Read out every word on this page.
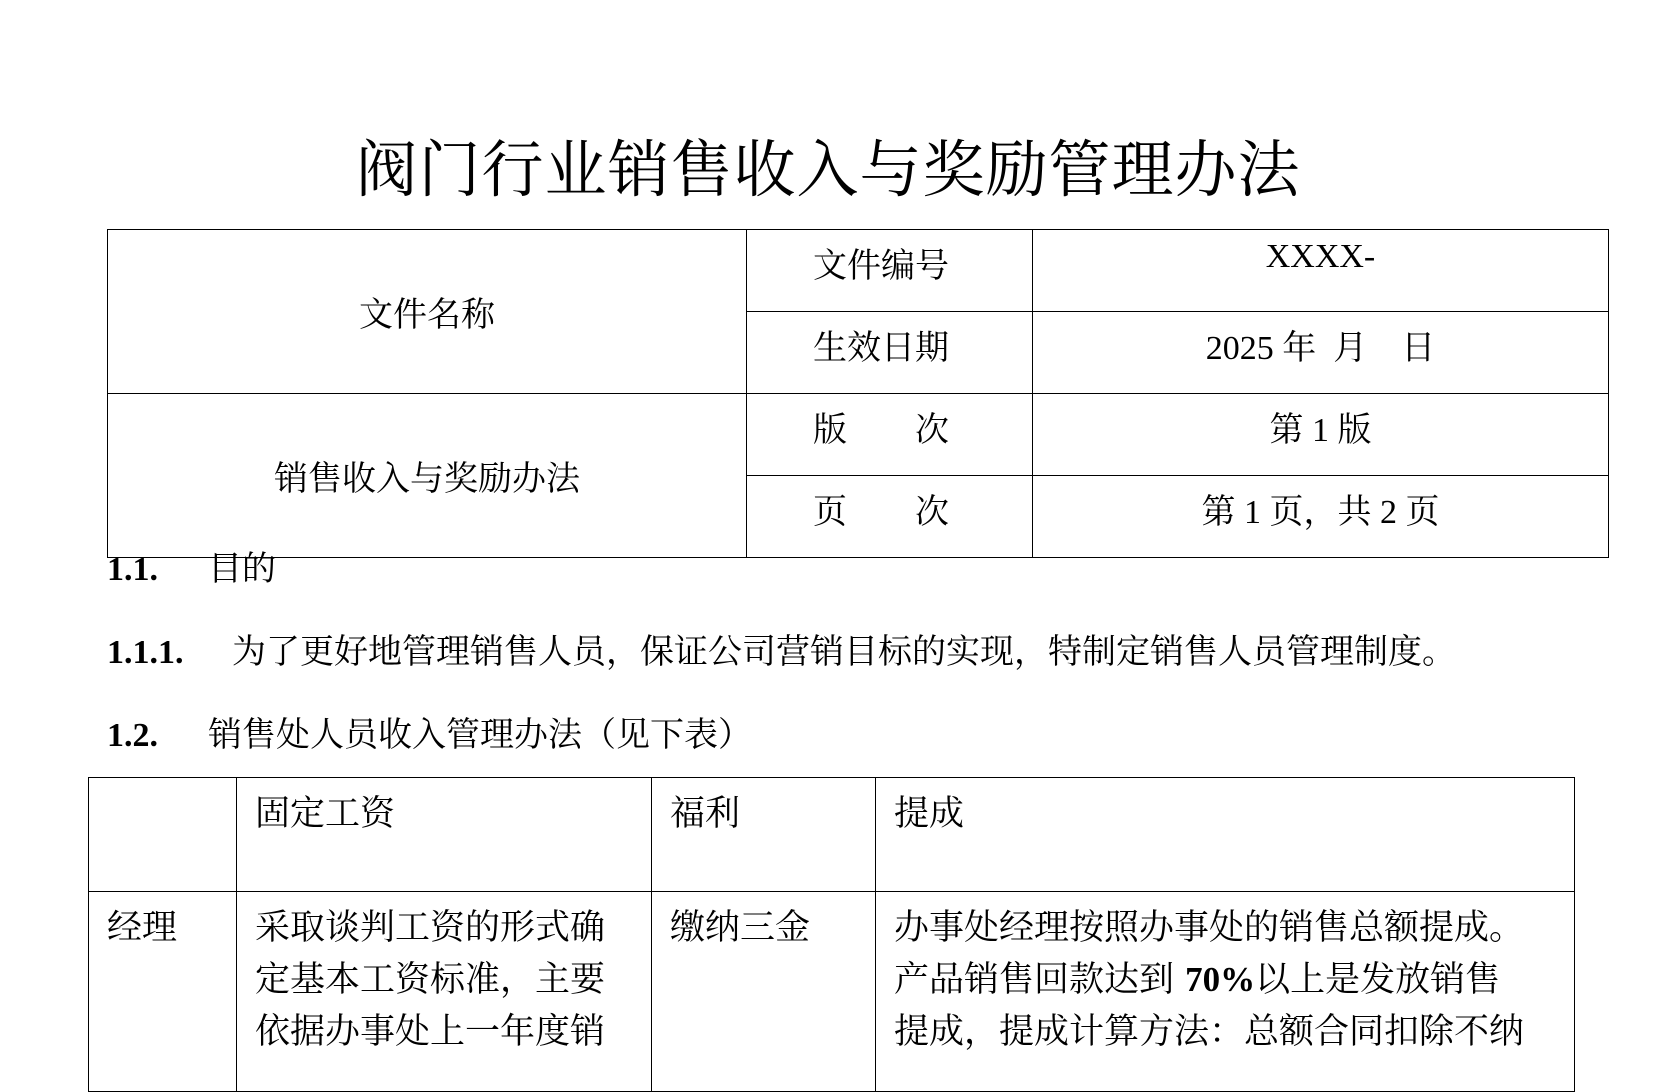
阀门行业销售收入与奖励管理办法
文件名称	文件编号	XXXX-
	生效日期	2025 年  月    日
销售收入与奖励办法	版　　次	第 1 版
	页　　次	第 1 页，共 2 页
1.1. 目的
1.1.1. 为了更好地管理销售人员，保证公司营销目标的实现，特制定销售人员管理制度。
1.2. 销售处人员收入管理办法（见下表）
	固定工资	福利	提成
经理	采取谈判工资的形式确定基本工资标准，主要依据办事处上一年度销	缴纳三金	办事处经理按照办事处的销售总额提成。
产品销售回款达到 70%以上是发放销售
提成，提成计算方法：总额合同扣除不纳
